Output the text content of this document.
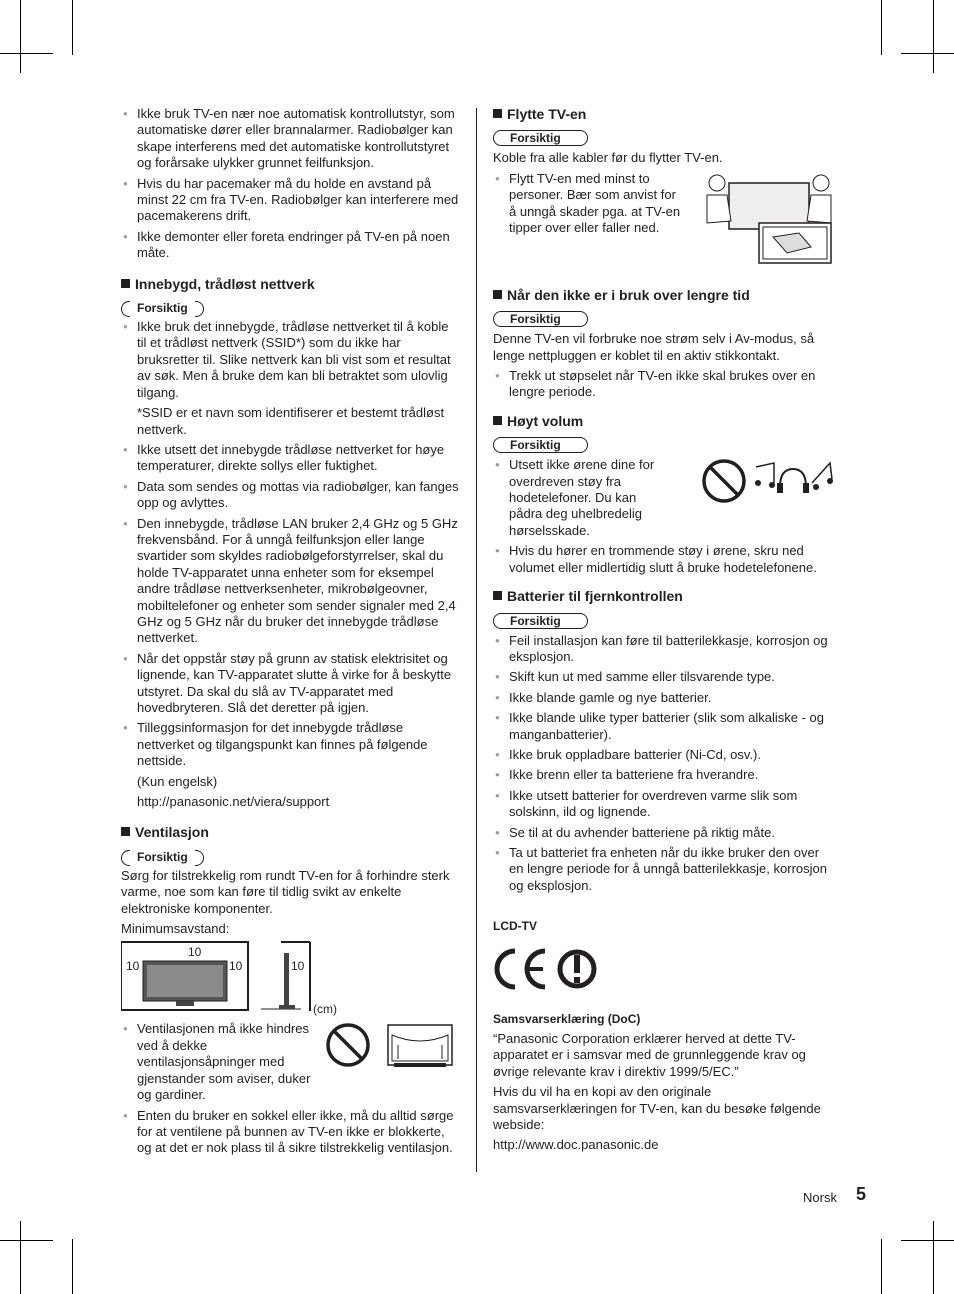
● Ikke bruk TV-en nær noe automatisk kontrollutstyr, som automatiske dører eller brannalarmer. Radiobølger kan skape interferens med det automatiske kontrollutstyret og forårsake ulykker grunnet feilfunksjon.
● Hvis du har pacemaker må du holde en avstand på minst 22 cm fra TV-en. Radiobølger kan interferere med pacemakerens drift.
● Ikke demonter eller foreta endringer på TV-en på noen måte.
Innebygd, trådløst nettverk
Forsiktig
● Ikke bruk det innebygde, trådløse nettverket til å koble til et trådløst nettverk (SSID*) som du ikke har bruksretter til. Slike nettverk kan bli vist som et resultat av søk. Men å bruke dem kan bli betraktet som ulovlig tilgang.

*SSID er et navn som identifiserer et bestemt trådløst nettverk.

● Ikke utsett det innebygde trådløse nettverket for høye temperaturer, direkte sollys eller fuktighet.
● Data som sendes og mottas via radiobølger, kan fanges opp og avlyttes.
● Den innebygde, trådløse LAN bruker 2,4 GHz og 5 GHz frekvensbånd. For å unngå feilfunksjon eller lange svartider som skyldes radiobølgeforstyrrelser, skal du holde TV-apparatet unna enheter som for eksempel andre trådløse nettverksenheter, mikrobølgeovner, mobiltelefoner og enheter som sender signaler med 2,4 GHz og 5 GHz når du bruker det innebygde trådløse nettverket.
● Når det oppstår støy på grunn av statisk elektrisitet og lignende, kan TV-apparatet slutte å virke for å beskytte utstyret. Da skal du slå av TV-apparatet med hovedbryteren. Slå det deretter på igjen.
● Tilleggsinformasjon for det innebygde trådløse nettverket og tilgangspunkt kan finnes på følgende nettside.

(Kun engelsk)

http://panasonic.net/viera/support

Ventilasjon
Forsiktig

Sørg for tilstrekkelig rom rundt TV-en for å forhindre sterk varme, noe som kan føre til tidlig svikt av enkelte elektroniske komponenter.

Minimumsavstand:

10
10	10	10
(cm)
● Ventilasjonen må ikke hindres ved å dekke ventilasjonsåpninger med gjenstander som aviser, duker og gardiner.
● Enten du bruker en sokkel eller ikke, må du alltid sørge for at ventilene på bunnen av TV-en ikke er blokkerte, og at det er nok plass til å sikre tilstrekkelig ventilasjon.
Flytte TV-en
Forsiktig

Koble fra alle kabler før du flytter TV-en.

● Flytt TV-en med minst to personer. Bær som anvist for å unngå skader pga. at TV-en tipper over eller faller ned.
Når den ikke er i bruk over lengre tid
Forsiktig

Denne TV-en vil forbruke noe strøm selv i Av-modus, så lenge nettpluggen er koblet til en aktiv stikkontakt.

● Trekk ut støpselet når TV-en ikke skal brukes over en lengre periode.
Høyt volum
Forsiktig
● Utsett ikke ørene dine for overdreven støy fra hodetelefoner. Du kan pådra deg uhelbredelig hørselsskade.
● Hvis du hører en trommende støy i ørene, skru ned volumet eller midlertidig slutt å bruke hodetelefonene.
Batterier til fjernkontrollen
Forsiktig
● Feil installasjon kan føre til batterilekkasje, korrosjon og eksplosjon.
● Skift kun ut med samme eller tilsvarende type.
● Ikke blande gamle og nye batterier.
● Ikke blande ulike typer batterier (slik som alkaliske - og manganbatterier).
● Ikke bruk oppladbare batterier (Ni-Cd, osv.).
● Ikke brenn eller ta batteriene fra hverandre.
● Ikke utsett batterier for overdreven varme slik som solskinn, ild og lignende.
● Se til at du avhender batteriene på riktig måte.
● Ta ut batteriet fra enheten når du ikke bruker den over en lengre periode for å unngå batterilekkasje, korrosjon og eksplosjon.
LCD-TV
Samsvarserklæring (DoC)

“Panasonic Corporation erklærer herved at dette TV-apparatet er i samsvar med de grunnleggende krav og øvrige relevante krav i direktiv 1999/5/EC.”

Hvis du vil ha en kopi av den originale samsvarserklæringen for TV-en, kan du besøke følgende webside:

http://www.doc.panasonic.de

Norsk 5
